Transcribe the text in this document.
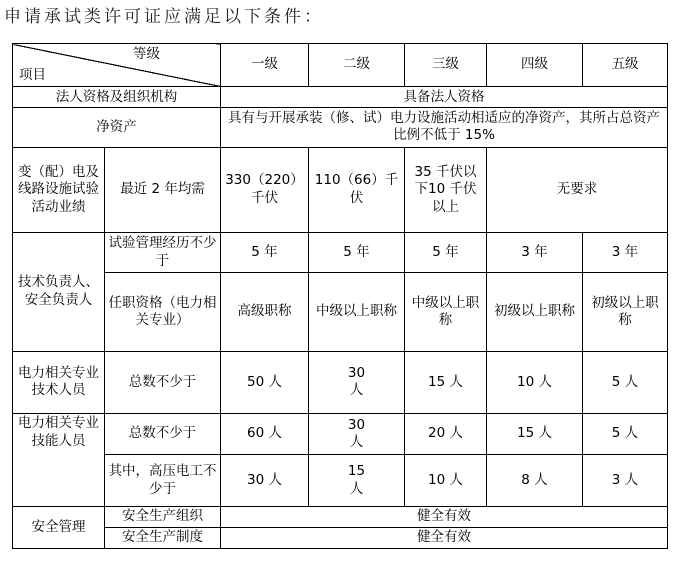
申请承试类许可证应满足以下条件：
等级
项目		一级	二级	三级	四级	五级
法人资格及组织机构		具备法人资格				
净资产		具有与开展承装（修、试）电力设施活动相适应的净资产，其所占总资产比例不低于 15%				
变（配）电及线路设施试验活动业绩	最近 2 年均需	330（220）千伏	110（66）千伏	35 千伏以下10 千伏以上	无要求	
技术负责人、安全负责人	试验管理经历不少于	5 年	5 年	5 年	3 年	3 年
	任职资格（电力相关专业）	高级职称	中级以上职称	中级以上职称	初级以上职称	初级以上职称
电力相关专业技术人员	总数不少于	50 人	30 人	15 人	10 人	5 人
电力相关专业技能人员	总数不少于	60 人	30 人	20 人	15 人	5 人
	其中，高压电工不少于	30 人	15 人	10 人	8 人	3 人
安全管理	安全生产组织	健全有效				
	安全生产制度	健全有效				
